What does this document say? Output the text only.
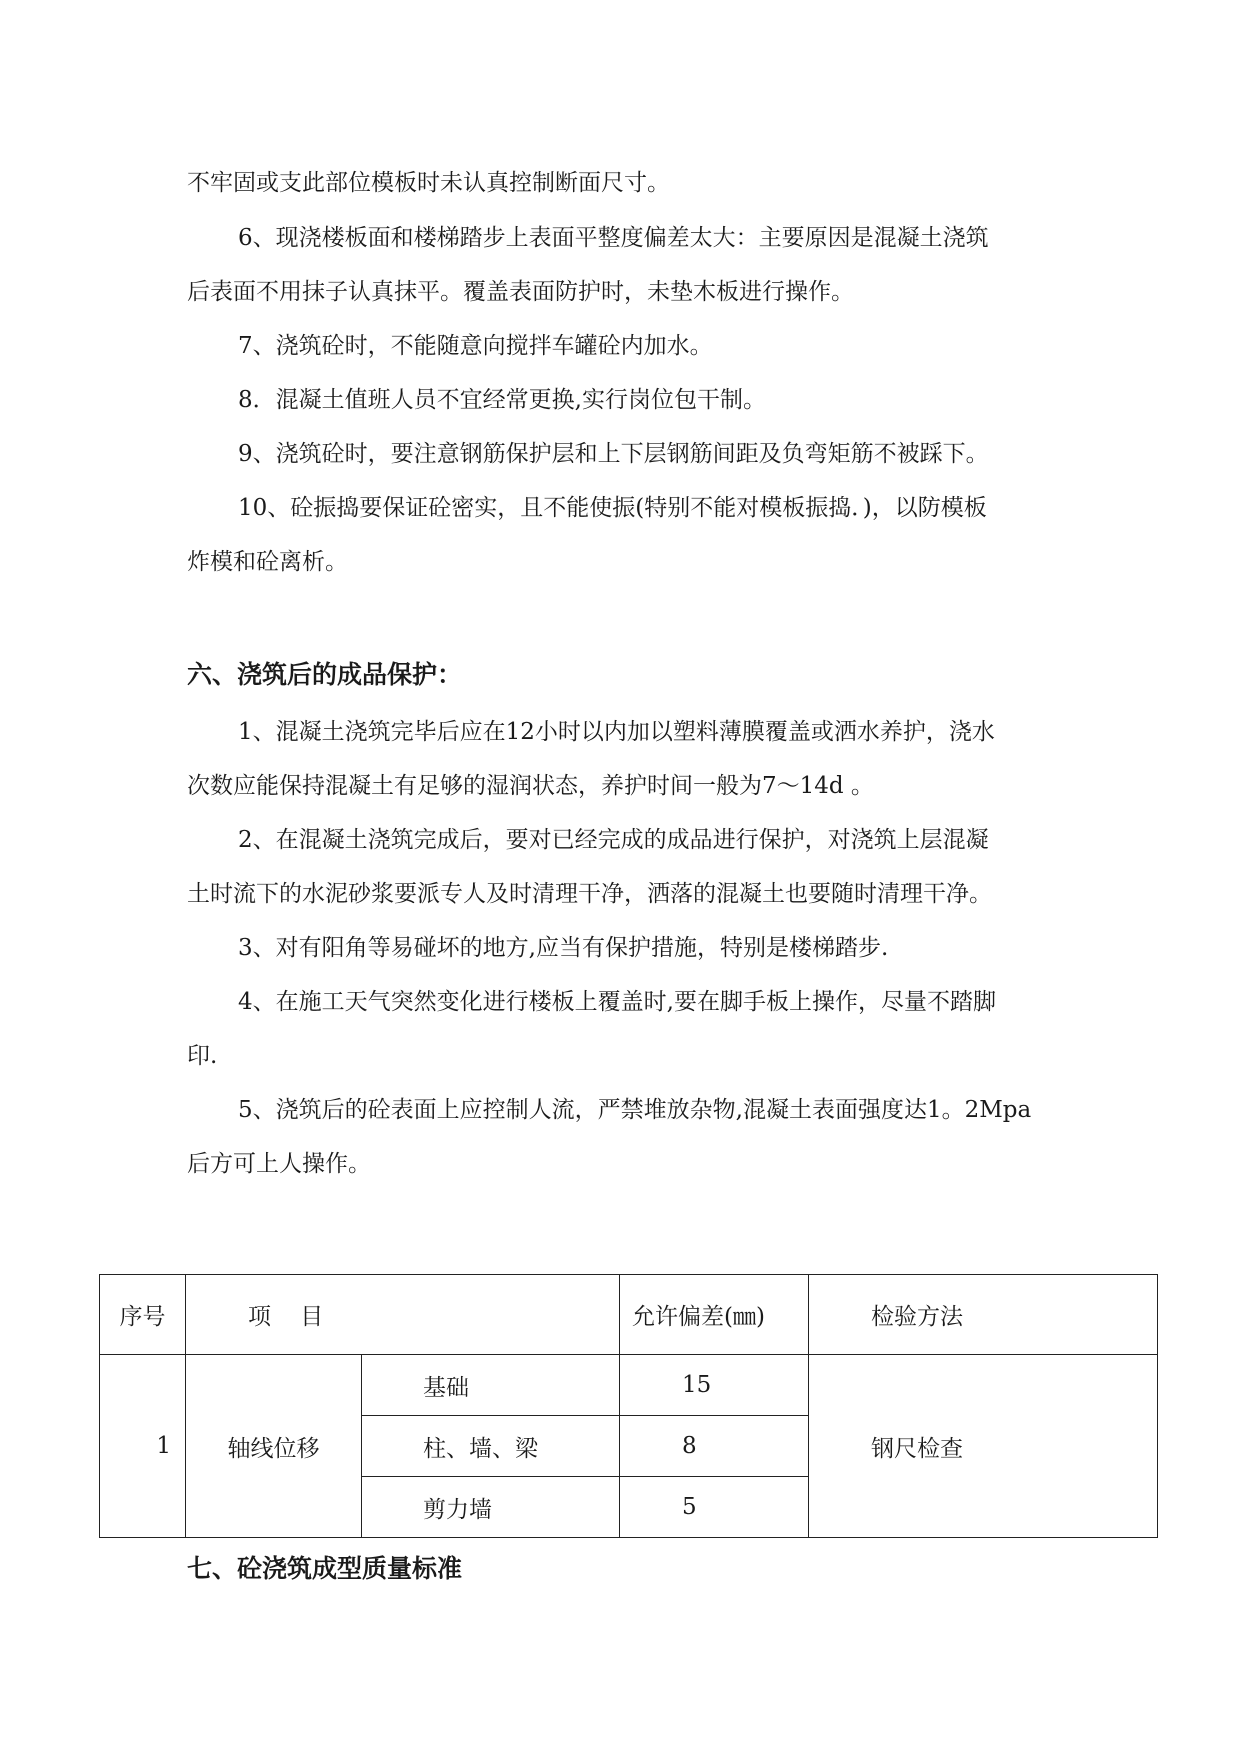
不牢固或支此部位模板时未认真控制断面尺寸。
6、现浇楼板面和楼梯踏步上表面平整度偏差太大：主要原因是混凝土浇筑
后表面不用抹子认真抹平。覆盖表面防护时，未垫木板进行操作。
7、浇筑砼时，不能随意向搅拌车罐砼内加水。
8．混凝土值班人员不宜经常更换,实行岗位包干制。
9、浇筑砼时，要注意钢筋保护层和上下层钢筋间距及负弯矩筋不被踩下。
10、砼振捣要保证砼密实，且不能使振(特别不能对模板振捣．)，以防模板
炸模和砼离析。
六、浇筑后的成品保护：
1、混凝土浇筑完毕后应在12小时以内加以塑料薄膜覆盖或洒水养护，浇水
次数应能保持混凝土有足够的湿润状态，养护时间一般为7～14d 。
2、在混凝土浇筑完成后，要对已经完成的成品进行保护，对浇筑上层混凝
土时流下的水泥砂浆要派专人及时清理干净，洒落的混凝土也要随时清理干净。
3、对有阳角等易碰坏的地方,应当有保护措施，特别是楼梯踏步.
4、在施工天气突然变化进行楼板上覆盖时,要在脚手板上操作，尽量不踏脚
印.
5、浇筑后的砼表面上应控制人流，严禁堆放杂物,混凝土表面强度达1。2Mpa
后方可上人操作。
序号	项    目		允许偏差(㎜)	检验方法
1	轴线位移	基础	15	钢尺检查
		柱、墙、梁	8	
		剪力墙	5	
七、砼浇筑成型质量标准
